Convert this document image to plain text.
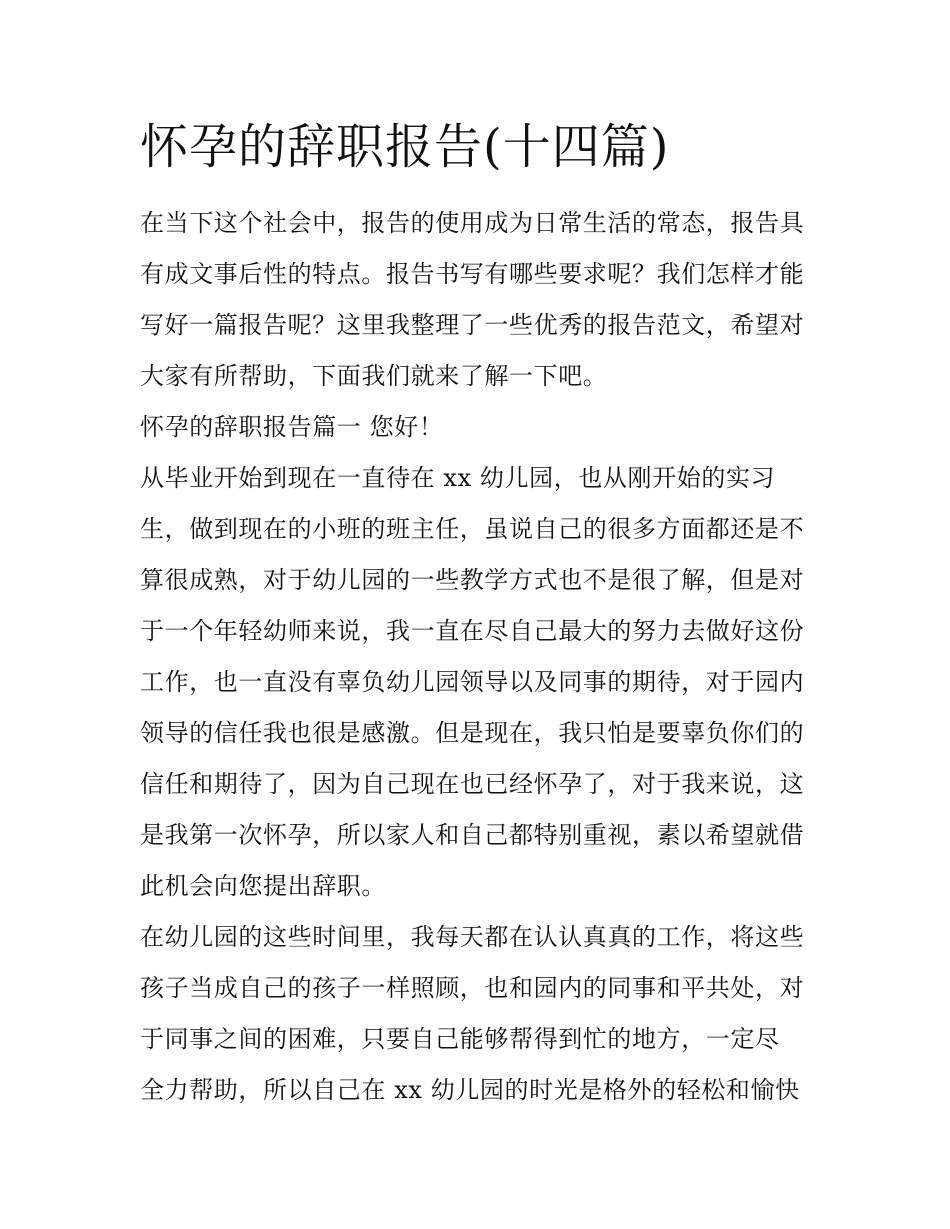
怀孕的辞职报告(十四篇)
在当下这个社会中，报告的使用成为日常生活的常态，报告具
有成文事后性的特点。报告书写有哪些要求呢？我们怎样才能
写好一篇报告呢？这里我整理了一些优秀的报告范文，希望对
大家有所帮助，下面我们就来了解一下吧。
怀孕的辞职报告篇一 您好！
从毕业开始到现在一直待在 xx 幼儿园，也从刚开始的实习
生，做到现在的小班的班主任，虽说自己的很多方面都还是不
算很成熟，对于幼儿园的一些教学方式也不是很了解，但是对
于一个年轻幼师来说，我一直在尽自己最大的努力去做好这份
工作，也一直没有辜负幼儿园领导以及同事的期待，对于园内
领导的信任我也很是感激。但是现在，我只怕是要辜负你们的
信任和期待了，因为自己现在也已经怀孕了，对于我来说，这
是我第一次怀孕，所以家人和自己都特别重视，素以希望就借
此机会向您提出辞职。
在幼儿园的这些时间里，我每天都在认认真真的工作，将这些
孩子当成自己的孩子一样照顾，也和园内的同事和平共处，对
于同事之间的困难，只要自己能够帮得到忙的地方，一定尽
全力帮助，所以自己在 xx 幼儿园的时光是格外的轻松和愉快
